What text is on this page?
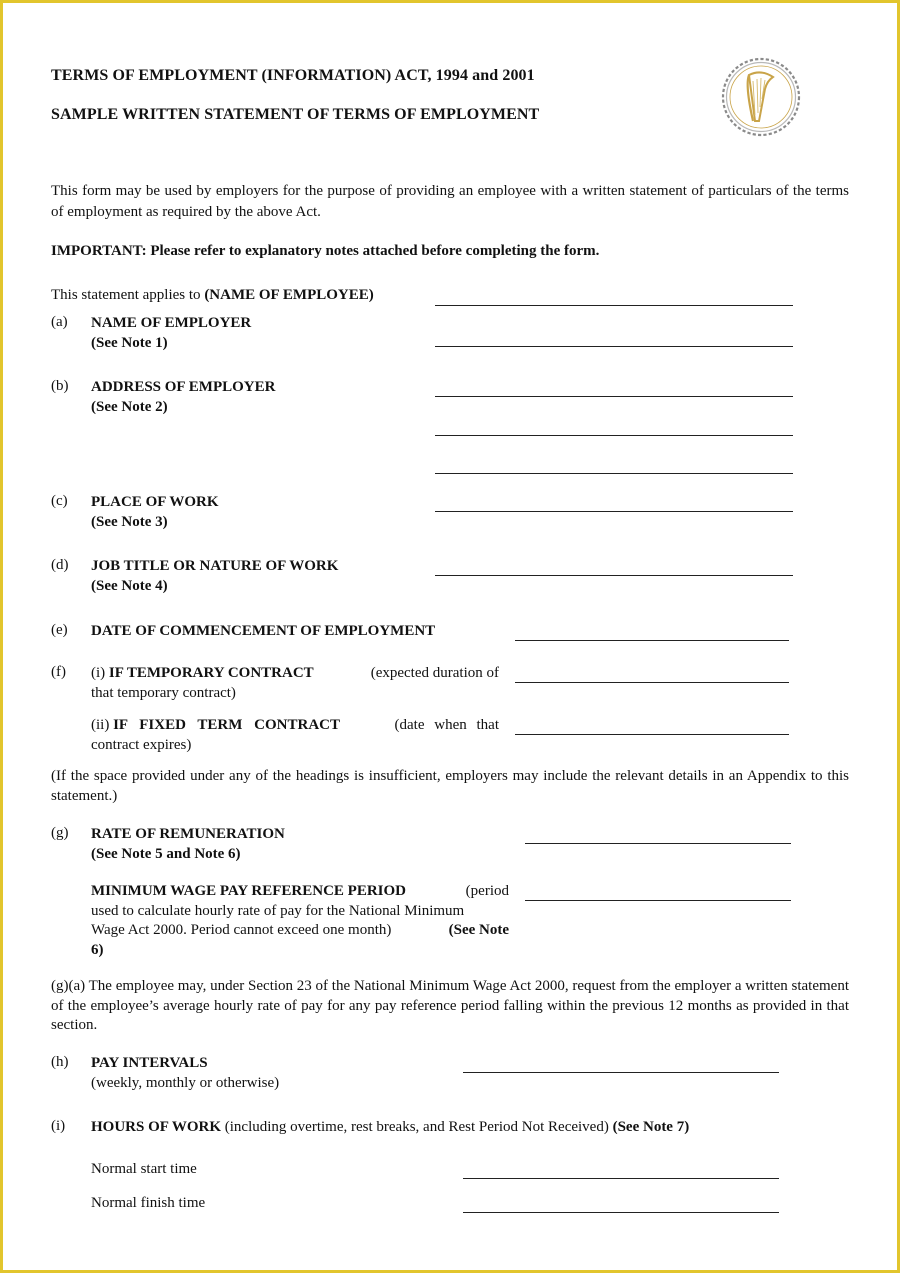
TERMS OF EMPLOYMENT (INFORMATION) ACT, 1994 and 2001
SAMPLE WRITTEN STATEMENT OF TERMS OF EMPLOYMENT
This form may be used by employers for the purpose of providing an employee with a written statement of particulars of the terms of employment as required by the above Act.
IMPORTANT: Please refer to explanatory notes attached before completing the form.
This statement applies to (NAME OF EMPLOYEE)
(a) NAME OF EMPLOYER
(See Note 1)
(b) ADDRESS OF EMPLOYER
(See Note 2)
(c) PLACE OF WORK
(See Note 3)
(d) JOB TITLE OR NATURE OF WORK
(See Note 4)
(e) DATE OF COMMENCEMENT OF EMPLOYMENT
(f) (i) IF TEMPORARY CONTRACT	(expected duration of
that temporary contract)
(ii) IF FIXED TERM CONTRACT	(date when that
contract expires)
(If the space provided under any of the headings is insufficient, employers may include the relevant details in an Appendix to this statement.)
(g) RATE OF REMUNERATION
(See Note 5 and Note 6)
MINIMUM WAGE PAY REFERENCE PERIOD	(period
used to calculate hourly rate of pay for the National Minimum
Wage Act 2000. Period cannot exceed one month)	(See Note
6)
(g)(a) The employee may, under Section 23 of the National Minimum Wage Act 2000, request from the employer a written statement of the employee’s average hourly rate of pay for any pay reference period falling within the previous 12 months as provided in that section.
(h) PAY INTERVALS
(weekly, monthly or otherwise)
(i) HOURS OF WORK (including overtime, rest breaks, and Rest Period Not Received) (See Note 7)
Normal start time
Normal finish time
